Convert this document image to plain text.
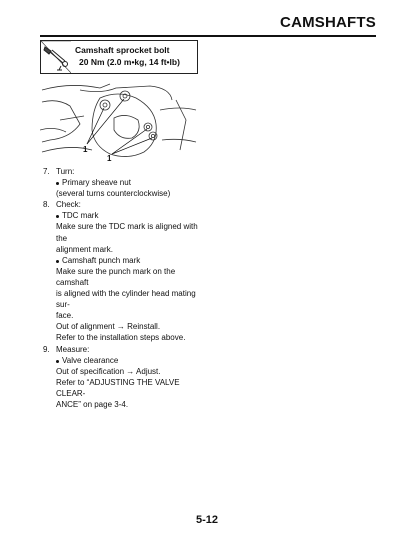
CAMSHAFTS
Camshaft sprocket bolt
20 Nm (2.0 m•kg, 14 ft•lb)
1
1

7. Turn:

Primary sheave nut

(several turns counterclockwise)

8. Check:

TDC mark

Make sure the TDC mark is aligned with the

alignment mark.

Camshaft punch mark

Make sure the punch mark on the camshaft

is aligned with the cylinder head mating sur-

face.

Out of alignment → Reinstall.

Refer to the installation steps above.

9. Measure:

Valve clearance

Out of specification → Adjust.

Refer to “ADJUSTING THE VALVE CLEAR-

ANCE” on page 3-4.

5-12
